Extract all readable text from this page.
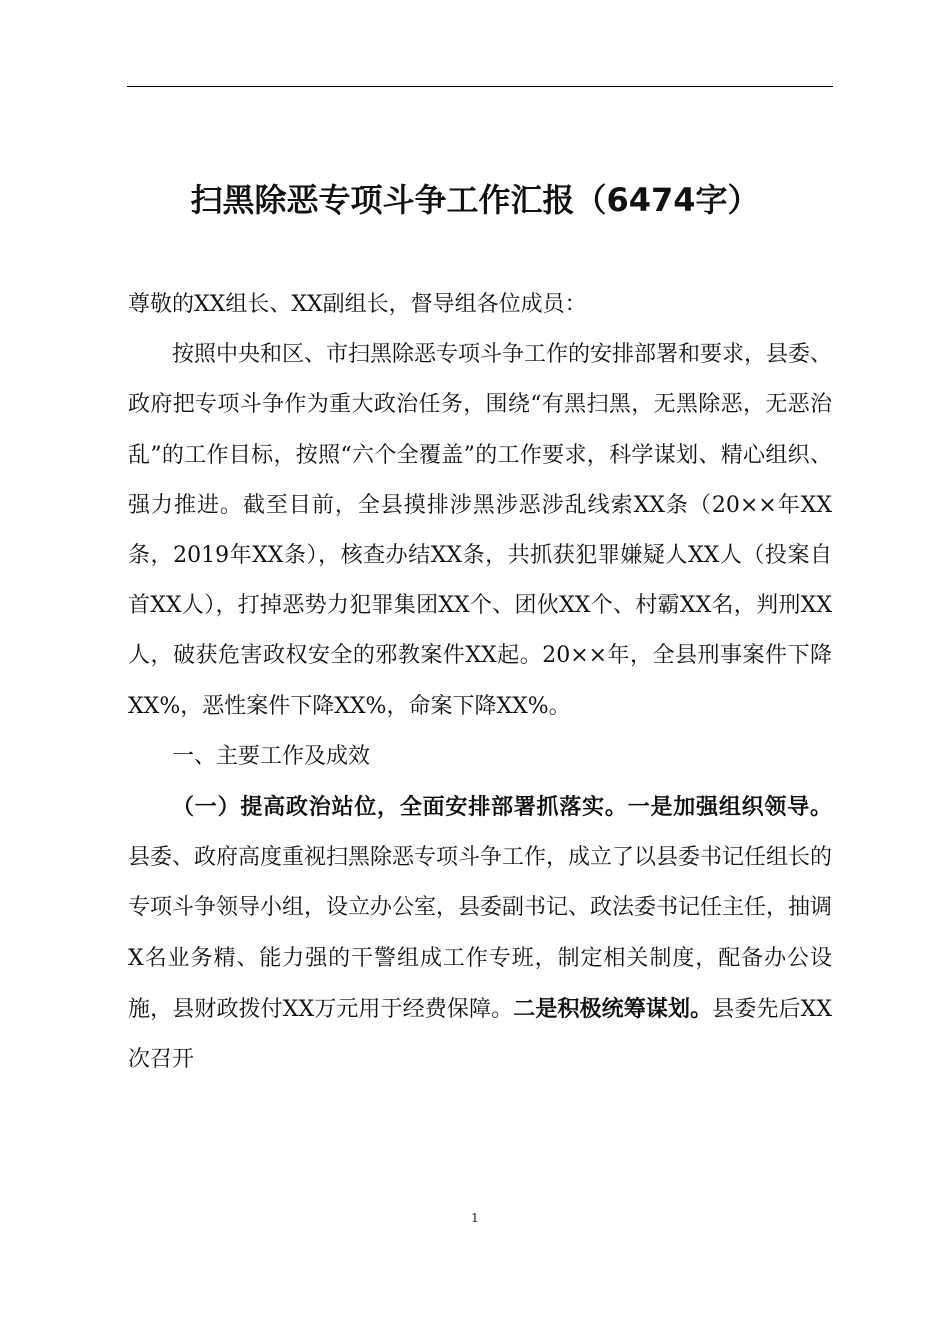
扫黑除恶专项斗争工作汇报（6474字）

尊敬的XX组长、XX副组长，督导组各位成员：

按照中央和区、市扫黑除恶专项斗争工作的安排部署和要求，县委、政府把专项斗争作为重大政治任务，围绕“有黑扫黑，无黑除恶，无恶治乱”的工作目标，按照“六个全覆盖”的工作要求，科学谋划、精心组织、强力推进。截至目前，全县摸排涉黑涉恶涉乱线索XX条（20××年XX条，2019年XX条），核查办结XX条，共抓获犯罪嫌疑人XX人（投案自首XX人），打掉恶势力犯罪集团XX个、团伙XX个、村霸XX名，判刑XX人，破获危害政权安全的邪教案件XX起。20××年，全县刑事案件下降XX%，恶性案件下降XX%，命案下降XX%。

一、主要工作及成效

（一）提高政治站位，全面安排部署抓落实。一是加强组织领导。县委、政府高度重视扫黑除恶专项斗争工作，成立了以县委书记任组长的专项斗争领导小组，设立办公室，县委副书记、政法委书记任主任，抽调X名业务精、能力强的干警组成工作专班，制定相关制度，配备办公设施，县财政拨付XX万元用于经费保障。二是积极统筹谋划。县委先后XX次召开

1
